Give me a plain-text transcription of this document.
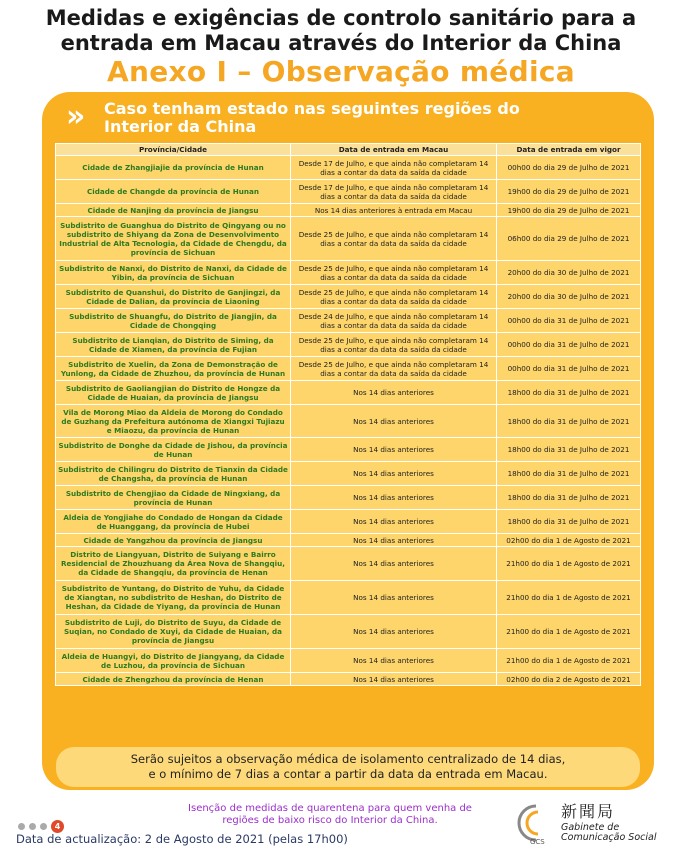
Medidas e exigências de controlo sanitário para a
entrada em Macau através do Interior da China
Anexo I – Observação médica
» Caso tenham estado nas seguintes regiões do
Interior da China
Província/Cidade	Data de entrada em Macau	Data de entrada em vigor
Cidade de Zhangjiajie da província de Hunan	Desde 17 de Julho, e que ainda não completaram 14 dias a contar da data da saída da cidade	00h00 do dia 29 de Julho de 2021
Cidade de Changde da província de Hunan	Desde 17 de Julho, e que ainda não completaram 14 dias a contar da data da saída da cidade	19h00 do dia 29 de Julho de 2021
Cidade de Nanjing da província de Jiangsu	Nos 14 dias anteriores à entrada em Macau	19h00 do dia 29 de Julho de 2021
Subdistrito de Guanghua do Distrito de Qingyang ou no subdistrito de Shiyang da Zona de Desenvolvimento Industrial de Alta Tecnologia, da Cidade de Chengdu, da província de Sichuan	Desde 25 de Julho, e que ainda não completaram 14 dias a contar da data da saída da cidade	06h00 do dia 29 de Julho de 2021
Subdistrito de Nanxi, do Distrito de Nanxi, da Cidade de Yibin, da província de Sichuan	Desde 25 de Julho, e que ainda não completaram 14 dias a contar da data da saída da cidade	20h00 do dia 30 de Julho de 2021
Subdistrito de Quanshui, do Distrito de Ganjingzi, da Cidade de Dalian, da província de Liaoning	Desde 25 de Julho, e que ainda não completaram 14 dias a contar da data da saída da cidade	20h00 do dia 30 de Julho de 2021
Subdistrito de Shuangfu, do Distrito de Jiangjin, da Cidade de Chongqing	Desde 24 de Julho, e que ainda não completaram 14 dias a contar da data da saída da cidade	00h00 do dia 31 de Julho de 2021
Subdistrito de Lianqian, do Distrito de Siming, da Cidade de Xiamen, da província de Fujian	Desde 25 de Julho, e que ainda não completaram 14 dias a contar da data da saída da cidade	00h00 do dia 31 de Julho de 2021
Subdistrito de Xuelin, da Zona de Demonstração de Yunlong, da Cidade de Zhuzhou, da província de Hunan	Desde 25 de Julho, e que ainda não completaram 14 dias a contar da data da saída da cidade	00h00 do dia 31 de Julho de 2021
Subdistrito de Gaoliangjian do Distrito de Hongze da Cidade de Huaian, da província de Jiangsu	Nos 14 dias anteriores	18h00 do dia 31 de Julho de 2021
Vila de Morong Miao da Aldeia de Morong do Condado de Guzhang da Prefeitura autónoma de Xiangxi Tujiazu e Miaozu, da província de Hunan	Nos 14 dias anteriores	18h00 do dia 31 de Julho de 2021
Subdistrito de Donghe da Cidade de Jishou, da província de Hunan	Nos 14 dias anteriores	18h00 do dia 31 de Julho de 2021
Subdistrito de Chilingru do Distrito de Tianxin da Cidade de Changsha, da província de Hunan	Nos 14 dias anteriores	18h00 do dia 31 de Julho de 2021
Subdistrito de Chengjiao da Cidade de Ningxiang, da província de Hunan	Nos 14 dias anteriores	18h00 do dia 31 de Julho de 2021
Aldeia de Yongjiahe do Condado de Hongan da Cidade de Huanggang, da província de Hubei	Nos 14 dias anteriores	18h00 do dia 31 de Julho de 2021
Cidade de Yangzhou da província de Jiangsu	Nos 14 dias anteriores	02h00 do dia 1 de Agosto de 2021
Distrito de Liangyuan, Distrito de Suiyang e Bairro Residencial de Zhouzhuang da Área Nova de Shangqiu, da Cidade de Shangqiu, da província de Henan	Nos 14 dias anteriores	21h00 do dia 1 de Agosto de 2021
Subdistrito de Yuntang, do Distrito de Yuhu, da Cidade de Xiangtan, no subdistrito de Heshan, do Distrito de Heshan, da Cidade de Yiyang, da província de Hunan	Nos 14 dias anteriores	21h00 do dia 1 de Agosto de 2021
Subdistrito de Luji, do Distrito de Suyu, da Cidade de Suqian, no Condado de Xuyi, da Cidade de Huaian, da província de Jiangsu	Nos 14 dias anteriores	21h00 do dia 1 de Agosto de 2021
Aldeia de Huangyi, do Distrito de Jiangyang, da Cidade de Luzhou, da província de Sichuan	Nos 14 dias anteriores	21h00 do dia 1 de Agosto de 2021
Cidade de Zhengzhou da província de Henan	Nos 14 dias anteriores	02h00 do dia 2 de Agosto de 2021
Serão sujeitos a observação médica de isolamento centralizado de 14 dias,
e o mínimo de 7 dias a contar a partir da data da entrada em Macau.
4
Isenção de medidas de quarentena para quem venha de
regiões de baixo risco do Interior da China.
Data de actualização: 2 de Agosto de 2021 (pelas 17h00)	GCS
新聞局
Gabinete de
Comunicação Social
